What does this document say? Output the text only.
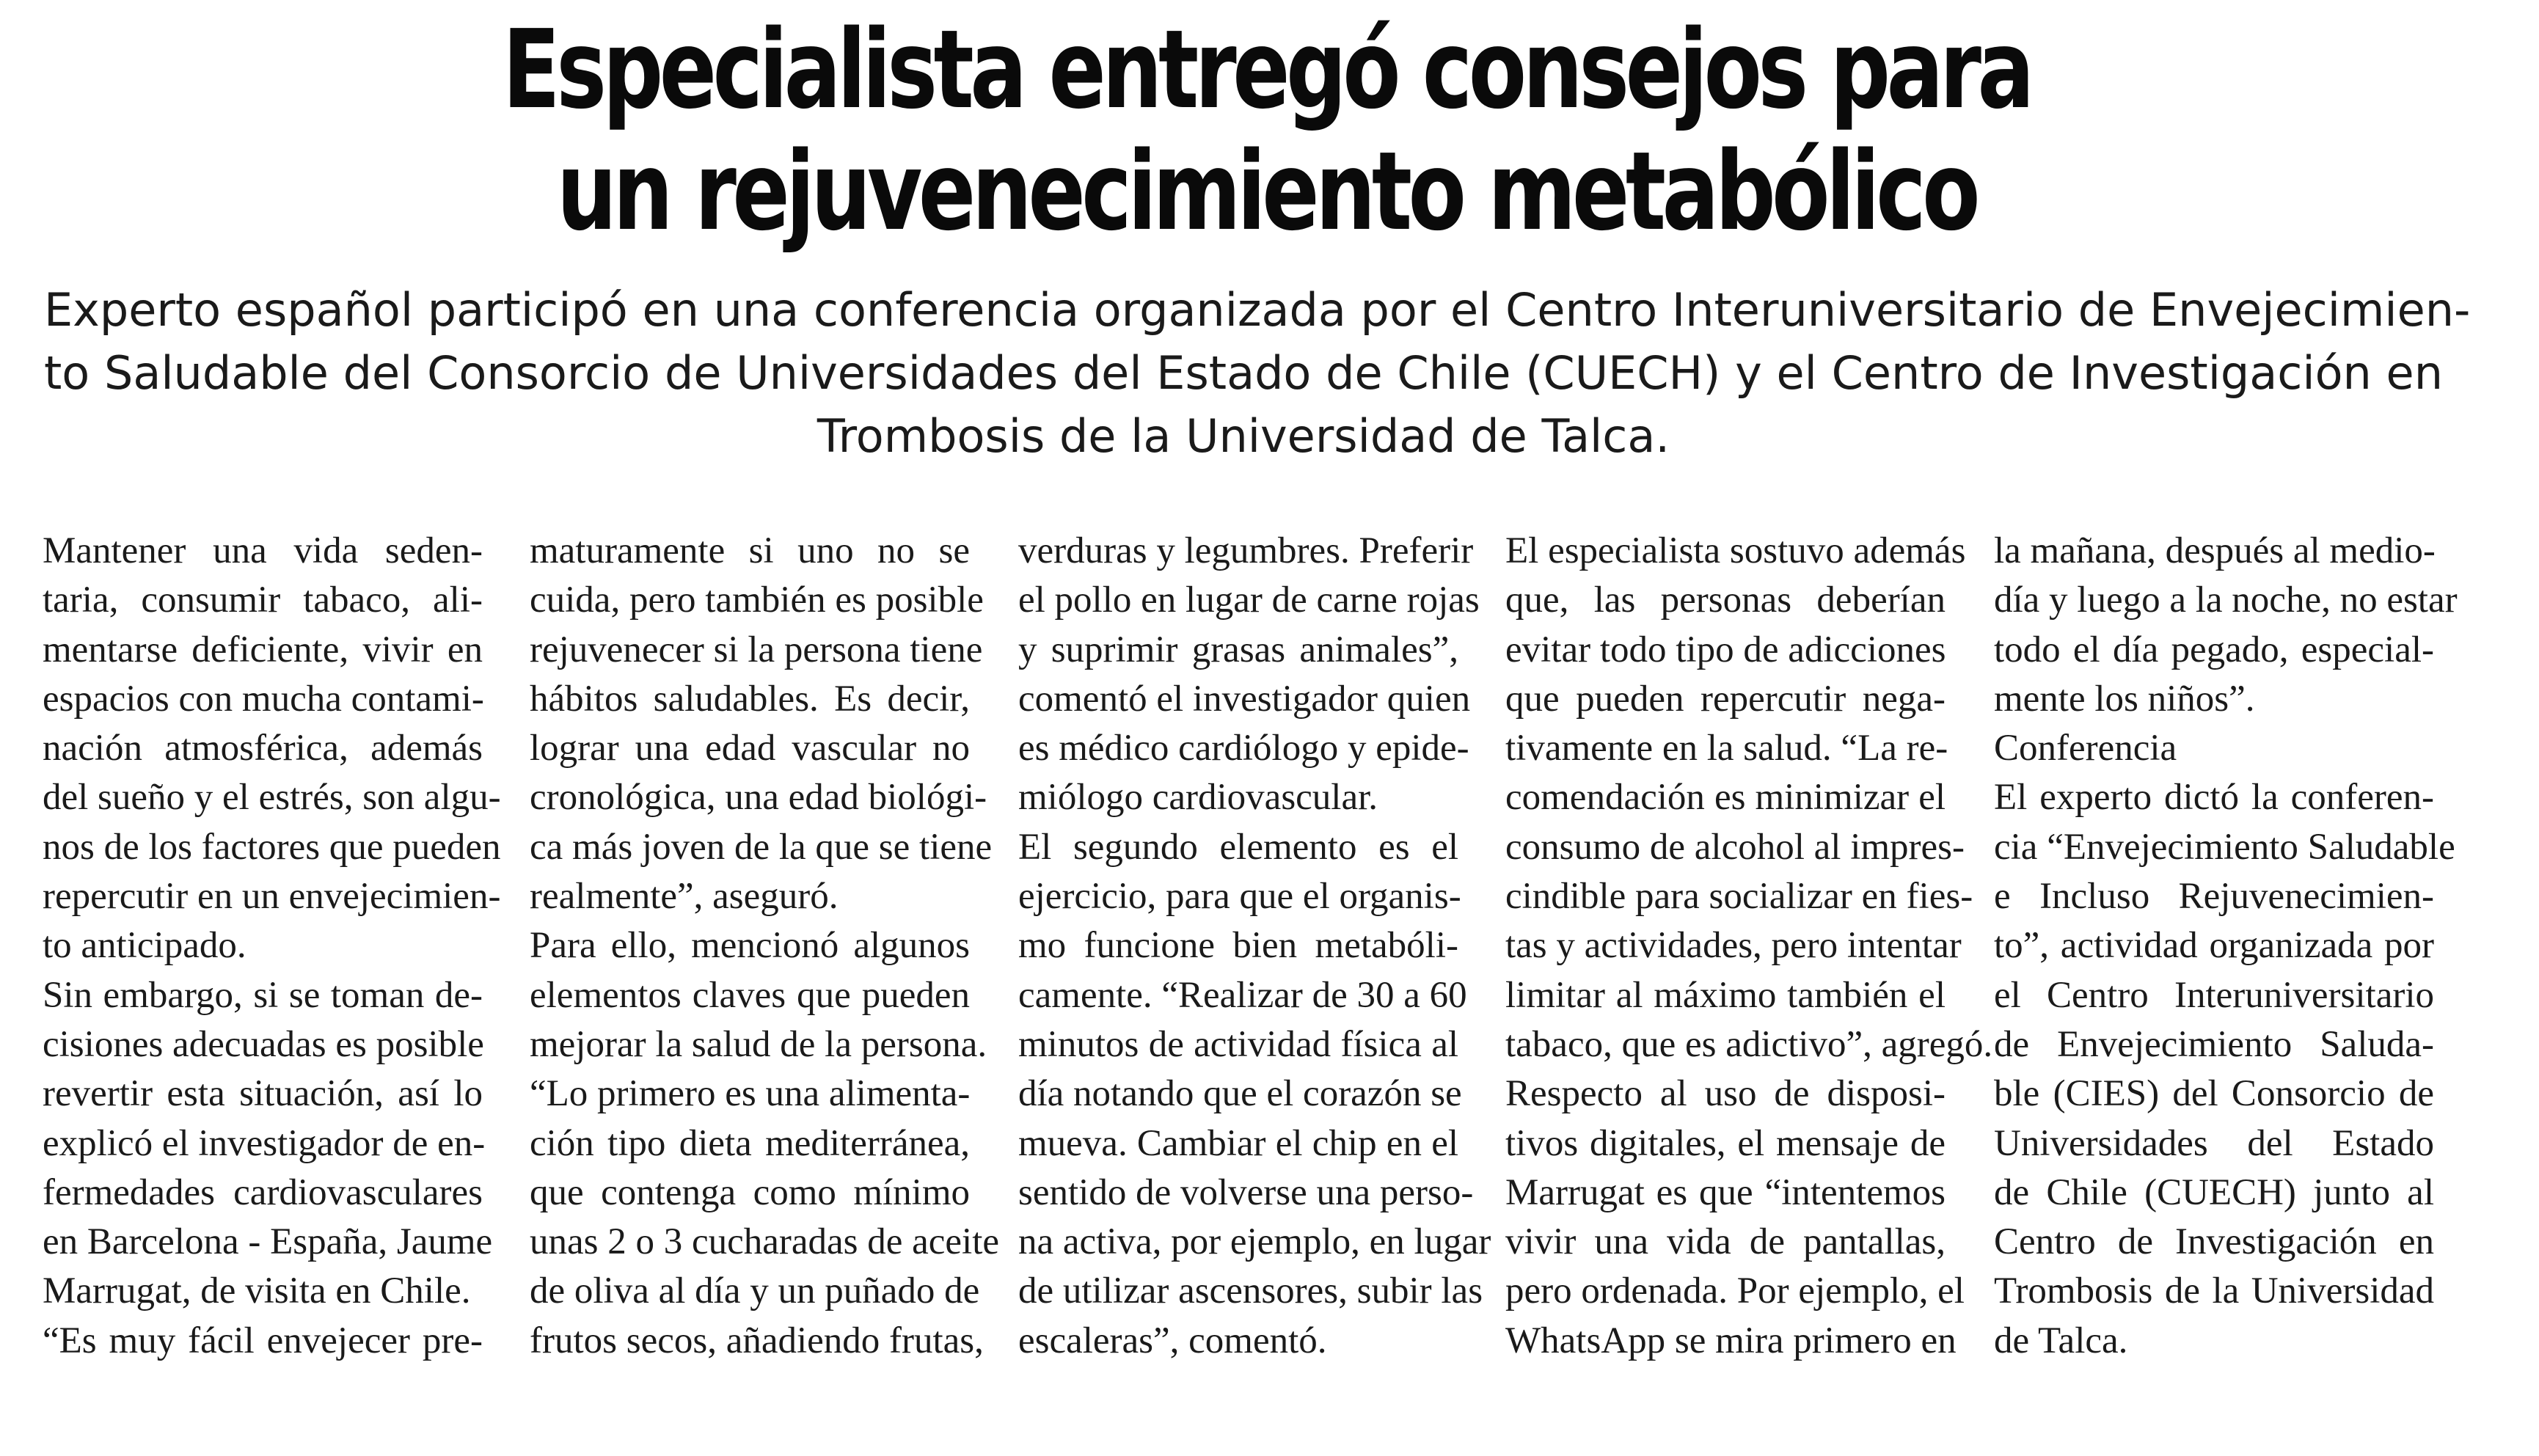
Especialista entregó consejos para
un rejuvenecimiento metabólico
Experto español participó en una conferencia organizada por el Centro Interuniversitario de Envejecimien-
to Saludable del Consorcio de Universidades del Estado de Chile (CUECH) y el Centro de Investigación en
Trombosis de la Universidad de Talca.
Mantener una vida seden-
taria, consumir tabaco, ali-
mentarse deficiente, vivir en
espacios con mucha contami-
nación atmosférica, además
del sueño y el estrés, son algu-
nos de los factores que pueden
repercutir en un envejecimien-
to anticipado.
Sin embargo, si se toman de-
cisiones adecuadas es posible
revertir esta situación, así lo
explicó el investigador de en-
fermedades cardiovasculares
en Barcelona - España, Jaume
Marrugat, de visita en Chile.
“Es muy fácil envejecer pre-
maturamente si uno no se
cuida, pero también es posible
rejuvenecer si la persona tiene
hábitos saludables. Es decir,
lograr una edad vascular no
cronológica, una edad biológi-
ca más joven de la que se tiene
realmente”, aseguró.
Para ello, mencionó algunos
elementos claves que pueden
mejorar la salud de la persona.
“Lo primero es una alimenta-
ción tipo dieta mediterránea,
que contenga como mínimo
unas 2 o 3 cucharadas de aceite
de oliva al día y un puñado de
frutos secos, añadiendo frutas,
verduras y legumbres. Preferir
el pollo en lugar de carne rojas
y suprimir grasas animales”,
comentó el investigador quien
es médico cardiólogo y epide-
miólogo cardiovascular.
El segundo elemento es el
ejercicio, para que el organis-
mo funcione bien metabóli-
camente. “Realizar de 30 a 60
minutos de actividad física al
día notando que el corazón se
mueva. Cambiar el chip en el
sentido de volverse una perso-
na activa, por ejemplo, en lugar
de utilizar ascensores, subir las
escaleras”, comentó.
El especialista sostuvo además
que, las personas deberían
evitar todo tipo de adicciones
que pueden repercutir nega-
tivamente en la salud. “La re-
comendación es minimizar el
consumo de alcohol al impres-
cindible para socializar en fies-
tas y actividades, pero intentar
limitar al máximo también el
tabaco, que es adictivo”, agregó.
Respecto al uso de disposi-
tivos digitales, el mensaje de
Marrugat es que “intentemos
vivir una vida de pantallas,
pero ordenada. Por ejemplo, el
WhatsApp se mira primero en
la mañana, después al medio-
día y luego a la noche, no estar
todo el día pegado, especial-
mente los niños”.
Conferencia
El experto dictó la conferen-
cia “Envejecimiento Saludable
e Incluso Rejuvenecimien-
to”, actividad organizada por
el Centro Interuniversitario
de Envejecimiento Saluda-
ble (CIES) del Consorcio de
Universidades del Estado
de Chile (CUECH) junto al
Centro de Investigación en
Trombosis de la Universidad
de Talca.
